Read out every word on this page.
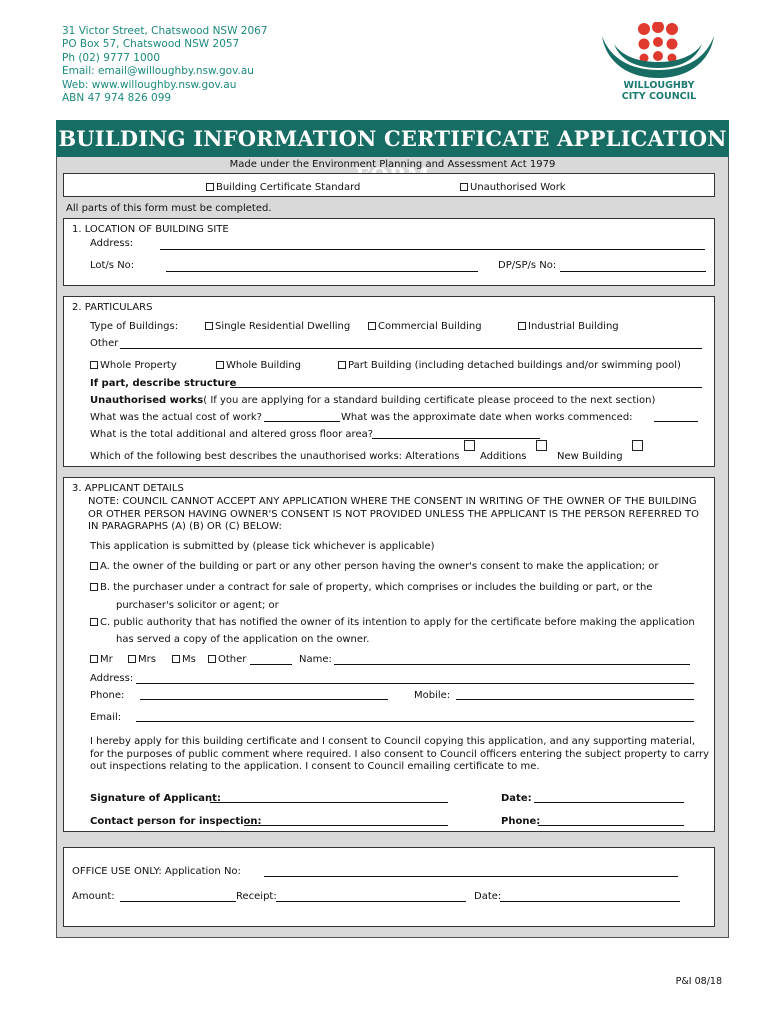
31 Victor Street, Chatswood NSW 2067
PO Box 57, Chatswood NSW 2057
Ph (02) 9777 1000
Email: email@willoughby.nsw.gov.au
Web: www.willoughby.nsw.gov.au
ABN 47 974 826 099
WILLOUGHBY
CITY COUNCIL
BUILDING INFORMATION CERTIFICATE APPLICATION
Made under the Environment Planning and Assessment Act 1979
Building Certificate Standard	Unauthorised Work
All parts of this form must be completed.
1. LOCATION OF BUILDING SITE
Address:
Lot/s No:	DP/SP/s No:
2. PARTICULARS
Type of Buildings:	Single Residential Dwelling	Commercial Building	Industrial Building
Other
Whole Property	Whole Building	Part Building (including detached buildings and/or swimming pool)
If part, describe structure
Unauthorised works( If you are applying for a standard building certificate please proceed to the next section)
What was the actual cost of work?	What was the approximate date when works commenced:
What is the total additional and altered gross floor area?
Which of the following best describes the unauthorised works: Alterations Additions	New Building
3. APPLICANT DETAILS
NOTE: COUNCIL CANNOT ACCEPT ANY APPLICATION WHERE THE CONSENT IN WRITING OF THE OWNER OF THE BUILDING OR OTHER PERSON HAVING OWNER'S CONSENT IS NOT PROVIDED UNLESS THE APPLICANT IS THE PERSON REFERRED TO IN PARAGRAPHS (A) (B) OR (C) BELOW:
This application is submitted by (please tick whichever is applicable)
A. the owner of the building or part or any other person having the owner's consent to make the application; or
B. the purchaser under a contract for sale of property, which comprises or includes the building or part, or the
purchaser's solicitor or agent; or
C. public authority that has notified the owner of its intention to apply for the certificate before making the application
has served a copy of the application on the owner.
Mr	Mrs	Ms	Other	Name:
Address:
Phone:	Mobile:
Email:
I hereby apply for this building certificate and I consent to Council copying this application, and any supporting material, for the purposes of public comment where required. I also consent to Council officers entering the subject property to carry out inspections relating to the application. I consent to Council emailing certificate to me.
Signature of Applicant:	Date:
Contact person for inspection:	Phone:
OFFICE USE ONLY: Application No:
Amount:	Receipt:	Date:
P&I 08/18
